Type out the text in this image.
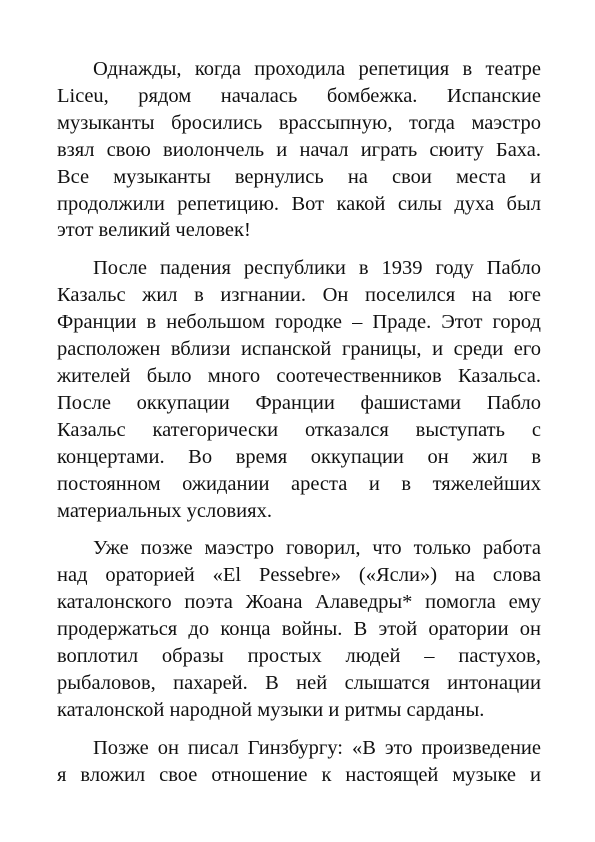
Однажды, когда проходила репетиция в театре
Liceu, рядом началась бомбежка. Испанские
музыканты бросились врассыпную, тогда маэстро
взял свою виолончель и начал играть сюиту Баха.
Все музыканты вернулись на свои места и
продолжили репетицию. Вот какой силы духа был
этот великий человек!
После падения республики в 1939 году Пабло
Казальс жил в изгнании. Он поселился на юге
Франции в небольшом городке – Праде. Этот город
расположен вблизи испанской границы, и среди его
жителей было много соотечественников Казальса.
После оккупации Франции фашистами Пабло
Казальс категорически отказался выступать с
концертами. Во время оккупации он жил в
постоянном ожидании ареста и в тяжелейших
материальных условиях.
Уже позже маэстро говорил, что только работа
над ораторией «El Pessebre» («Ясли») на слова
каталонского поэта Жоана Алаведры* помогла ему
продержаться до конца войны. В этой оратории он
воплотил образы простых людей – пастухов,
рыбаловов, пахарей. В ней слышатся интонации
каталонской народной музыки и ритмы сарданы.
Позже он писал Гинзбургу: «В это произведение
я вложил свое отношение к настоящей музыке и
